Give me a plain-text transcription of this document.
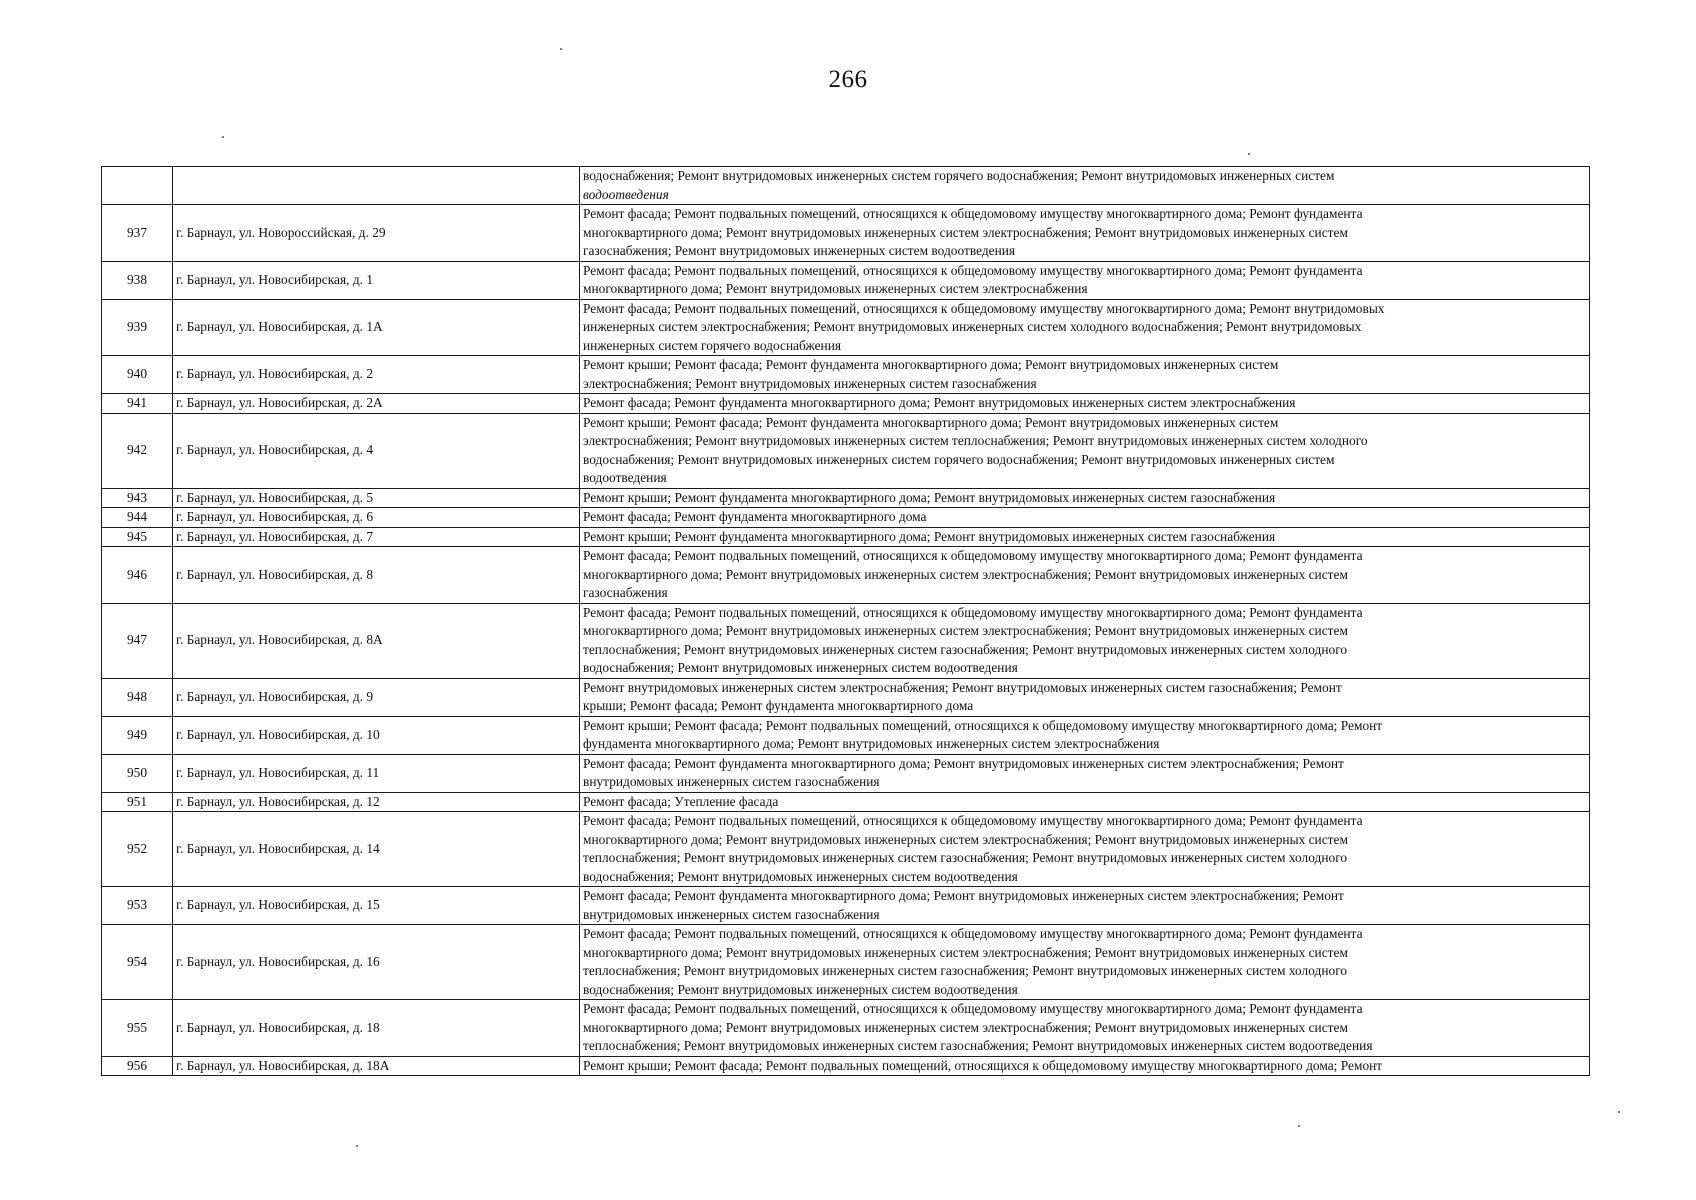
266

		водоснабжения; Ремонт внутридомовых инженерных систем горячего водоснабжения; Ремонт внутридомовых инженерных систем
водоотведения

937	г. Барнаул, ул. Новороссийская, д. 29	Ремонт фасада; Ремонт подвальных помещений, относящихся к общедомовому имуществу многоквартирного дома; Ремонт фундамента
многоквартирного дома; Ремонт внутридомовых инженерных систем электроснабжения; Ремонт внутридомовых инженерных систем
газоснабжения; Ремонт внутридомовых инженерных систем водоотведения

938	г. Барнаул, ул. Новосибирская, д. 1	Ремонт фасада; Ремонт подвальных помещений, относящихся к общедомовому имуществу многоквартирного дома; Ремонт фундамента
многоквартирного дома; Ремонт внутридомовых инженерных систем электроснабжения

939	г. Барнаул, ул. Новосибирская, д. 1А	Ремонт фасада; Ремонт подвальных помещений, относящихся к общедомовому имуществу многоквартирного дома; Ремонт внутридомовых
инженерных систем электроснабжения; Ремонт внутридомовых инженерных систем холодного водоснабжения; Ремонт внутридомовых
инженерных систем горячего водоснабжения

940	г. Барнаул, ул. Новосибирская, д. 2	Ремонт крыши; Ремонт фасада; Ремонт фундамента многоквартирного дома; Ремонт внутридомовых инженерных систем
электроснабжения; Ремонт внутридомовых инженерных систем газоснабжения

941	г. Барнаул, ул. Новосибирская, д. 2А	Ремонт фасада; Ремонт фундамента многоквартирного дома; Ремонт внутридомовых инженерных систем электроснабжения

942	г. Барнаул, ул. Новосибирская, д. 4	Ремонт крыши; Ремонт фасада; Ремонт фундамента многоквартирного дома; Ремонт внутридомовых инженерных систем
электроснабжения; Ремонт внутридомовых инженерных систем теплоснабжения; Ремонт внутридомовых инженерных систем холодного
водоснабжения; Ремонт внутридомовых инженерных систем горячего водоснабжения; Ремонт внутридомовых инженерных систем
водоотведения

943	г. Барнаул, ул. Новосибирская, д. 5	Ремонт крыши; Ремонт фундамента многоквартирного дома; Ремонт внутридомовых инженерных систем газоснабжения

944	г. Барнаул, ул. Новосибирская, д. 6	Ремонт фасада; Ремонт фундамента многоквартирного дома

945	г. Барнаул, ул. Новосибирская, д. 7	Ремонт крыши; Ремонт фундамента многоквартирного дома; Ремонт внутридомовых инженерных систем газоснабжения

946	г. Барнаул, ул. Новосибирская, д. 8	Ремонт фасада; Ремонт подвальных помещений, относящихся к общедомовому имуществу многоквартирного дома; Ремонт фундамента
многоквартирного дома; Ремонт внутридомовых инженерных систем электроснабжения; Ремонт внутридомовых инженерных систем
газоснабжения

947	г. Барнаул, ул. Новосибирская, д. 8А	Ремонт фасада; Ремонт подвальных помещений, относящихся к общедомовому имуществу многоквартирного дома; Ремонт фундамента
многоквартирного дома; Ремонт внутридомовых инженерных систем электроснабжения; Ремонт внутридомовых инженерных систем
теплоснабжения; Ремонт внутридомовых инженерных систем газоснабжения; Ремонт внутридомовых инженерных систем холодного
водоснабжения; Ремонт внутридомовых инженерных систем водоотведения

948	г. Барнаул, ул. Новосибирская, д. 9	Ремонт внутридомовых инженерных систем электроснабжения; Ремонт внутридомовых инженерных систем газоснабжения; Ремонт
крыши; Ремонт фасада; Ремонт фундамента многоквартирного дома

949	г. Барнаул, ул. Новосибирская, д. 10	Ремонт крыши; Ремонт фасада; Ремонт подвальных помещений, относящихся к общедомовому имуществу многоквартирного дома; Ремонт
фундамента многоквартирного дома; Ремонт внутридомовых инженерных систем электроснабжения

950	г. Барнаул, ул. Новосибирская, д. 11	Ремонт фасада; Ремонт фундамента многоквартирного дома; Ремонт внутридомовых инженерных систем электроснабжения; Ремонт
внутридомовых инженерных систем газоснабжения

951	г. Барнаул, ул. Новосибирская, д. 12	Ремонт фасада; Утепление фасада

952	г. Барнаул, ул. Новосибирская, д. 14	Ремонт фасада; Ремонт подвальных помещений, относящихся к общедомовому имуществу многоквартирного дома; Ремонт фундамента
многоквартирного дома; Ремонт внутридомовых инженерных систем электроснабжения; Ремонт внутридомовых инженерных систем
теплоснабжения; Ремонт внутридомовых инженерных систем газоснабжения; Ремонт внутридомовых инженерных систем холодного
водоснабжения; Ремонт внутридомовых инженерных систем водоотведения

953	г. Барнаул, ул. Новосибирская, д. 15	Ремонт фасада; Ремонт фундамента многоквартирного дома; Ремонт внутридомовых инженерных систем электроснабжения; Ремонт
внутридомовых инженерных систем газоснабжения

954	г. Барнаул, ул. Новосибирская, д. 16	Ремонт фасада; Ремонт подвальных помещений, относящихся к общедомовому имуществу многоквартирного дома; Ремонт фундамента
многоквартирного дома; Ремонт внутридомовых инженерных систем электроснабжения; Ремонт внутридомовых инженерных систем
теплоснабжения; Ремонт внутридомовых инженерных систем газоснабжения; Ремонт внутридомовых инженерных систем холодного
водоснабжения; Ремонт внутридомовых инженерных систем водоотведения

955	г. Барнаул, ул. Новосибирская, д. 18	Ремонт фасада; Ремонт подвальных помещений, относящихся к общедомовому имуществу многоквартирного дома; Ремонт фундамента
многоквартирного дома; Ремонт внутридомовых инженерных систем электроснабжения; Ремонт внутридомовых инженерных систем
теплоснабжения; Ремонт внутридомовых инженерных систем газоснабжения; Ремонт внутридомовых инженерных систем водоотведения

956	г. Барнаул, ул. Новосибирская, д. 18А	Ремонт крыши; Ремонт фасада; Ремонт подвальных помещений, относящихся к общедомовому имуществу многоквартирного дома; Ремонт
